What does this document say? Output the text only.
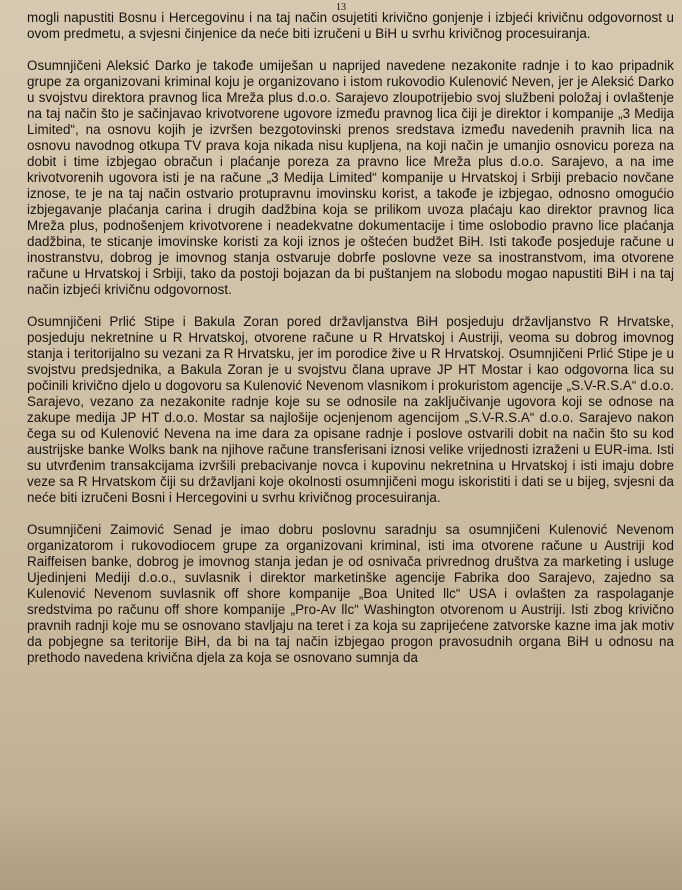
13

mogli napustiti Bosnu i Hercegovinu i na taj način osujetiti krivično gonjenje i izbjeći krivičnu odgovornost u ovom predmetu, a svjesni činjenice da neće biti izručeni u BiH u svrhu krivičnog procesuiranja.

Osumnjičeni Aleksić Darko je takođe umiješan u naprijed navedene nezakonite radnje i to kao pripadnik grupe za organizovani kriminal koju je organizovano i istom rukovodio Kulenović Neven, jer je Aleksić Darko u svojstvu direktora pravnog lica Mreža plus d.o.o. Sarajevo zloupotrijebio svoj službeni položaj i ovlaštenje na taj način što je sačinjavao krivotvorene ugovore između pravnog lica čiji je direktor i kompanije „3 Medija Limited“, na osnovu kojih je izvršen bezgotovinski prenos sredstava između navedenih pravnih lica na osnovu navodnog otkupa TV prava koja nikada nisu kupljena, na koji način je umanjio osnovicu poreza na dobit i time izbjegao obračun i plaćanje poreza za pravno lice Mreža plus d.o.o. Sarajevo, a na ime krivotvorenih ugovora isti je na račune „3 Medija Limited“ kompanije u Hrvatskoj i Srbiji prebacio novčane iznose, te je na taj način ostvario protupravnu imovinsku korist, a takođe je izbjegao, odnosno omogućio izbjegavanje plaćanja carina i drugih dadžbina koja se prilikom uvoza plaćaju kao direktor pravnog lica Mreža plus, podnošenjem krivotvorene i neadekvatne dokumentacije i time oslobodio pravno lice plaćanja dadžbina, te sticanje imovinske koristi za koji iznos je oštećen budžet BiH. Isti takođe posjeduje račune u inostranstvu, dobrog je imovnog stanja ostvaruje dobrfe poslovne veze sa inostranstvom, ima otvorene račune u Hrvatskoj i Srbiji, tako da postoji bojazan da bi puštanjem na slobodu mogao napustiti BiH i na taj način izbjeći krivičnu odgovornost.

Osumnjičeni Prlić Stipe i Bakula Zoran pored državljanstva BiH posjeduju državljanstvo R Hrvatske, posjeduju nekretnine u R Hrvatskoj, otvorene račune u R Hrvatskoj i Austriji, veoma su dobrog imovnog stanja i teritorijalno su vezani za R Hrvatsku, jer im porodice žive u R Hrvatskoj. Osumnjičeni Prlić Stipe je u svojstvu predsjednika, a Bakula Zoran je u svojstvu člana uprave JP HT Mostar i kao odgovorna lica su počinili krivično djelo u dogovoru sa Kulenović Nevenom vlasnikom i prokuristom agencije „S.V-R.S.A“ d.o.o. Sarajevo, vezano za nezakonite radnje koje su se odnosile na zaključivanje ugovora koji se odnose na zakupe medija JP HT d.o.o. Mostar sa najlošije ocjenjenom agencijom „S.V-R.S.A“ d.o.o. Sarajevo nakon čega su od Kulenović Nevena na ime dara za opisane radnje i poslove ostvarili dobit na način što su kod austrijske banke Wolks bank na njihove račune transferisani iznosi velike vrijednosti izraženi u EUR-ima. Isti su utvrđenim transakcijama izvršili prebacivanje novca i kupovinu nekretnina u Hrvatskoj i isti imaju dobre veze sa R Hrvatskom čiji su državljani koje okolnosti osumnjičeni mogu iskoristiti i dati se u bijeg, svjesni da neće biti izručeni Bosni i Hercegovini u svrhu krivičnog procesuiranja.

Osumnjičeni Zaimović Senad je imao dobru poslovnu saradnju sa osumnjičeni Kulenović Nevenom organizatorom i rukovodiocem grupe za organizovani kriminal, isti ima otvorene račune u Austriji kod Raiffeisen banke, dobrog je imovnog stanja jedan je od osnivača privrednog društva za marketing i usluge Ujedinjeni Mediji d.o.o., suvlasnik i direktor marketinške agencije Fabrika doo Sarajevo, zajedno sa Kulenović Nevenom suvlasnik off shore kompanije „Boa United llc“ USA i ovlašten za raspolaganje sredstvima po računu off shore kompanije „Pro-Av llc“ Washington otvorenom u Austriji. Isti zbog krivično pravnih radnji koje mu se osnovano stavljaju na teret i za koja su zaprijećene zatvorske kazne ima jak motiv da pobjegne sa teritorije BiH, da bi na taj način izbjegao progon pravosudnih organa BiH u odnosu na prethodo navedena krivična djela za koja se osnovano sumnja da
